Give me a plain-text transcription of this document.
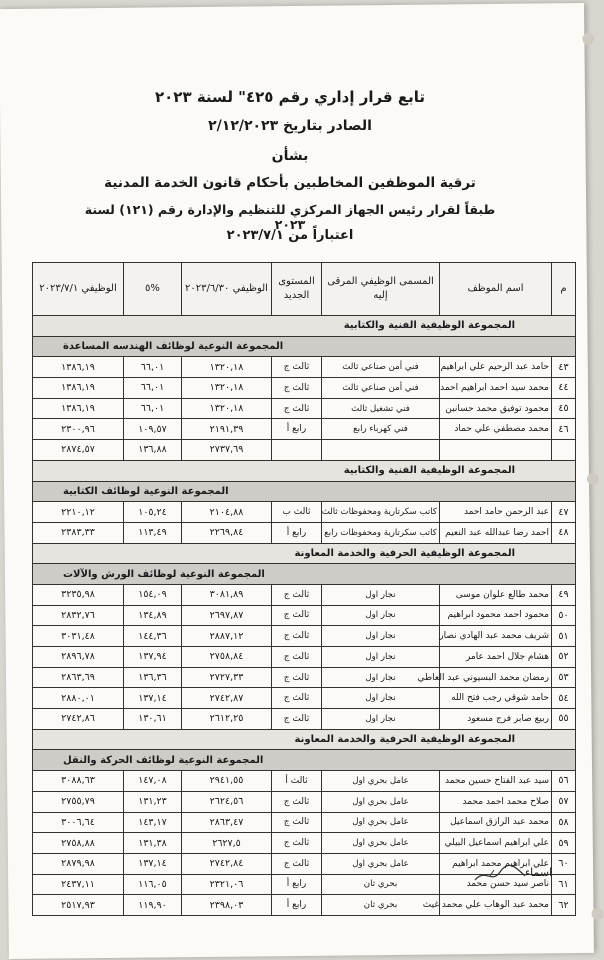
تابع قرار إداري رقم ٤٢٥" لسنة ٢٠٢٣
الصادر بتاريخ ٢/١٢/٢٠٢٣
بشأن
ترقية الموظفين المخاطبين بأحكام قانون الخدمة المدنية
طبقاً لقرار رئيس الجهاز المركزي للتنظيم والإدارة رقم (١٢١) لسنة ٢٠٢٣
اعتباراً من ٢٠٢٣/٧/١
م	اسم الموظف	المسمى الوظيفي المرقى إليه	المستوى الجديد	الوظيفي ٢٠٢٣/٦/٣٠	%٥	الوظيفي ٢٠٢٣/٧/١
المجموعة الوظيفية الفنية والكتابية						
المجموعة النوعية لوظائف الهندسه المساعدة						
٤٣	حامد عبد الرحيم علي ابراهيم	فني أمن صناعي ثالث	ثالث ج	١٣٢٠,١٨	٦٦,٠١	١٣٨٦,١٩
٤٤	محمد سيد احمد ابراهيم احمد	فني أمن صناعي ثالث	ثالث ج	١٣٢٠,١٨	٦٦,٠١	١٣٨٦,١٩
٤٥	محمود توفيق محمد حسانين	فني تشغيل ثالث	ثالث ج	١٣٢٠,١٨	٦٦,٠١	١٣٨٦,١٩
٤٦	محمد مصطفي علي حماد	فني كهرباء رابع	رابع أ	٢١٩١,٣٩	١٠٩,٥٧	٢٣٠٠,٩٦
				٢٧٣٧,٦٩	١٣٦,٨٨	٢٨٧٤,٥٧
المجموعة الوظيفية الفنية والكتابية						
المجموعة النوعية لوظائف الكتابية						
٤٧	عبد الرحمن حامد احمد	كاتب سكرتارية ومحفوظات ثالث	ثالث ب	٢١٠٤,٨٨	١٠٥,٢٤	٢٢١٠,١٢
٤٨	احمد رضا عبدالله عبد النعيم	كاتب سكرتارية ومحفوظات رابع	رابع أ	٢٢٦٩,٨٤	١١٣,٤٩	٢٣٨٣,٣٣
المجموعة الوظيفية الحرفية والخدمة المعاونة						
المجموعة النوعية لوظائف الورش والآلات						
٤٩	محمد طالع علوان موسى	نجار اول	ثالث ج	٣٠٨١,٨٩	١٥٤,٠٩	٣٢٣٥,٩٨
٥٠	محمود احمد محمود ابراهيم	نجار اول	ثالث ج	٢٦٩٧,٨٧	١٣٤,٨٩	٢٨٣٢,٧٦
٥١	شريف محمد عبد الهادي نصار	نجار اول	ثالث ج	٢٨٨٧,١٢	١٤٤,٣٦	٣٠٣١,٤٨
٥٢	هشام جلال احمد عامر	نجار اول	ثالث ج	٢٧٥٨,٨٤	١٣٧,٩٤	٢٨٩٦,٧٨
٥٣	رمضان محمد البسيوني عبد العاطي	نجار اول	ثالث ج	٢٧٢٧,٣٣	١٣٦,٣٦	٢٨٦٣,٦٩
٥٤	حامد شوقي رجب فتح الله	نجار اول	ثالث ج	٢٧٤٢,٨٧	١٣٧,١٤	٢٨٨٠,٠١
٥٥	ربيع صابر فرج مسعود	نجار اول	ثالث ج	٢٦١٢,٢٥	١٣٠,٦١	٢٧٤٢,٨٦
المجموعة الوظيفية الحرفية والخدمة المعاونة						
المجموعة النوعية لوظائف الحركة والنقل						
٥٦	سيد عبد الفتاح حسين محمد	عامل بحري اول	ثالث أ	٢٩٤١,٥٥	١٤٧,٠٨	٣٠٨٨,٦٣
٥٧	صلاح محمد احمد محمد	عامل بحري اول	ثالث ج	٢٦٢٤,٥٦	١٣١,٢٣	٢٧٥٥,٧٩
٥٨	محمد عبد الرازق اسماعيل	عامل بحري اول	ثالث ج	٢٨٦٣,٤٧	١٤٣,١٧	٣٠٠٦,٦٤
٥٩	علي ابراهيم اسماعيل البيلي	عامل بحري اول	ثالث ج	٢٦٢٧,٥	١٣١,٣٨	٢٧٥٨,٨٨
٦٠	علي ابراهيم محمد ابراهيم	عامل بحري اول	ثالث ج	٢٧٤٢,٨٤	١٣٧,١٤	٢٨٧٩,٩٨
٦١	ناصر سيد حسن محمد	بحري ثان	رابع أ	٢٣٢١,٠٦	١١٦,٠٥	٢٤٣٧,١١
٦٢	محمد عبد الوهاب علي محمد غيث	بحري ثان	رابع أ	٢٣٩٨,٠٣	١١٩,٩٠	٢٥١٧,٩٣
اسماء
